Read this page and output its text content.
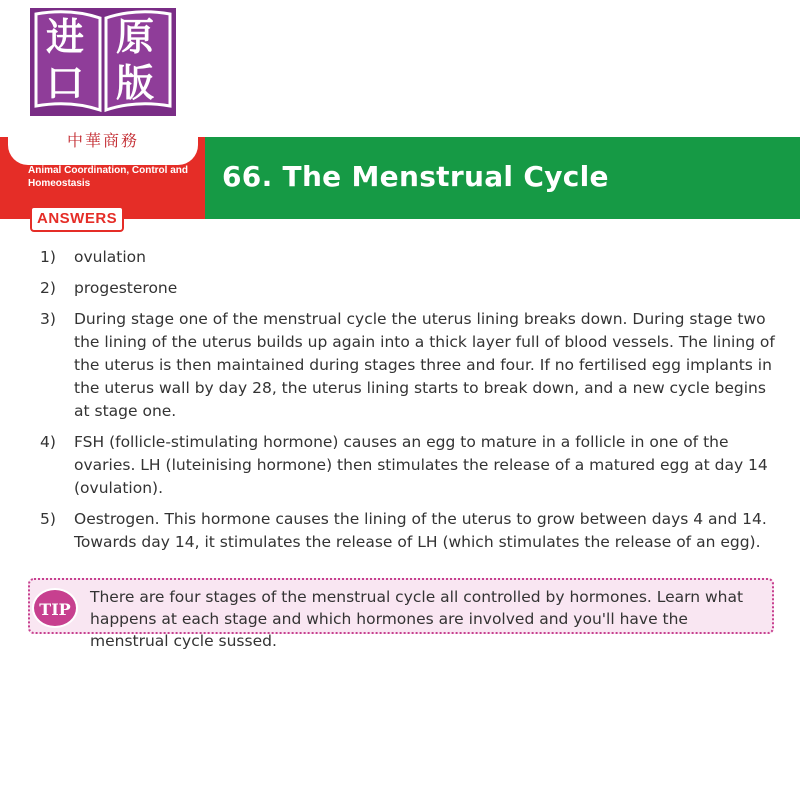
进 原
口 版
中華商務
Animal Coordination, Control and Homeostasis	66. The Menstrual Cycle
ANSWERS
1)	ovulation
2)	progesterone
3)	During stage one of the menstrual cycle the uterus lining breaks down. During stage two the lining of the uterus builds up again into a thick layer full of blood vessels. The lining of the uterus is then maintained during stages three and four. If no fertilised egg implants in the uterus wall by day 28, the uterus lining starts to break down, and a new cycle begins at stage one.
4)	FSH (follicle-stimulating hormone) causes an egg to mature in a follicle in one of the ovaries. LH (luteinising hormone) then stimulates the release of a matured egg at day 14 (ovulation).
5)	Oestrogen. This hormone causes the lining of the uterus to grow between days 4 and 14. Towards day 14, it stimulates the release of LH (which stimulates the release of an egg).
TIP
There are four stages of the menstrual cycle all controlled by hormones. Learn what happens at each stage and which hormones are involved and you'll have the menstrual cycle sussed.
